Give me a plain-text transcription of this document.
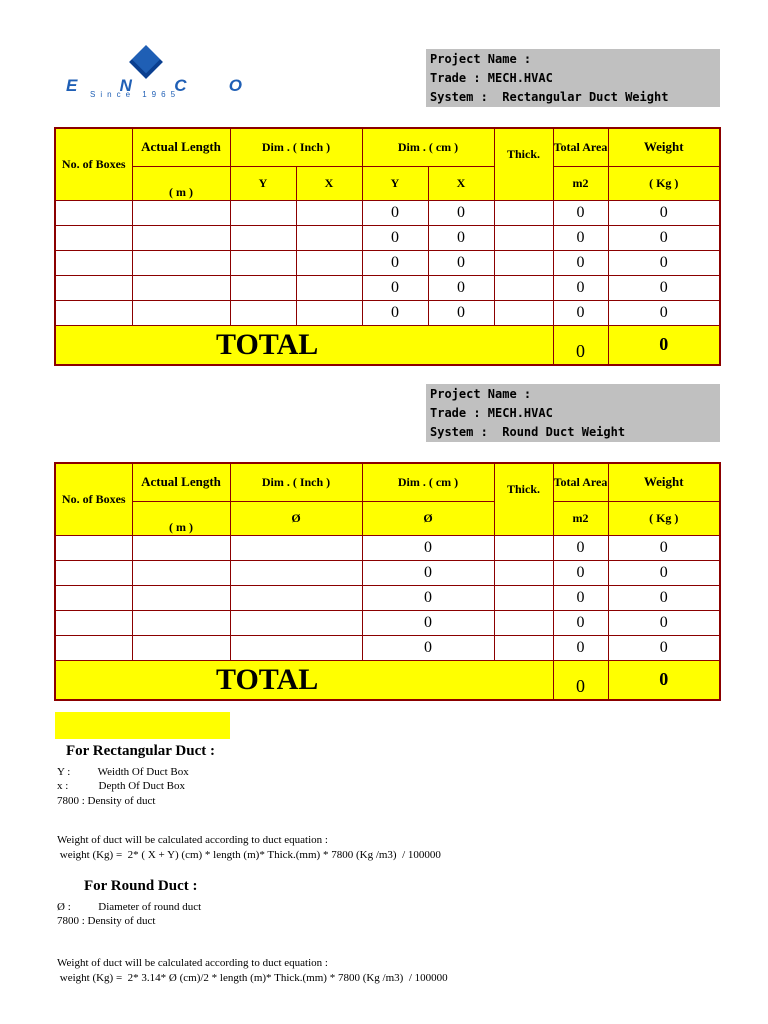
E N C O
Since 1965
Project Name :
Trade : MECH.HVAC
System :  Rectangular Duct Weight
No. of Boxes	Actual Length	Dim . ( Inch )		Dim . ( cm )		Thick.	Total Area	Weight
	( m )	Y	X	Y	X		m2	( Kg )
				0	0		0	0
				0	0		0	0
				0	0		0	0
				0	0		0	0
				0	0		0	0
TOTAL							0	0
Project Name :
Trade : MECH.HVAC
System :  Round Duct Weight
No. of Boxes	Actual Length	Dim . ( Inch )	Dim . ( cm )	Thick.	Total Area	Weight
	( m )	Ø	Ø		m2	( Kg )
			0		0	0
			0		0	0
			0		0	0
			0		0	0
			0		0	0
TOTAL					0	0
For Rectangular Duct :
Y :          Weidth Of Duct Box
x :           Depth Of Duct Box
7800 : Density of duct
Weight of duct will be calculated according to duct equation :
weight (Kg) =  2* ( X + Y) (cm) * length (m)* Thick.(mm) * 7800 (Kg /m3)  / 100000
For Round Duct :
Ø :          Diameter of round duct
7800 : Density of duct
Weight of duct will be calculated according to duct equation :
weight (Kg) =  2* 3.14* Ø (cm)/2 * length (m)* Thick.(mm) * 7800 (Kg /m3)  / 100000
